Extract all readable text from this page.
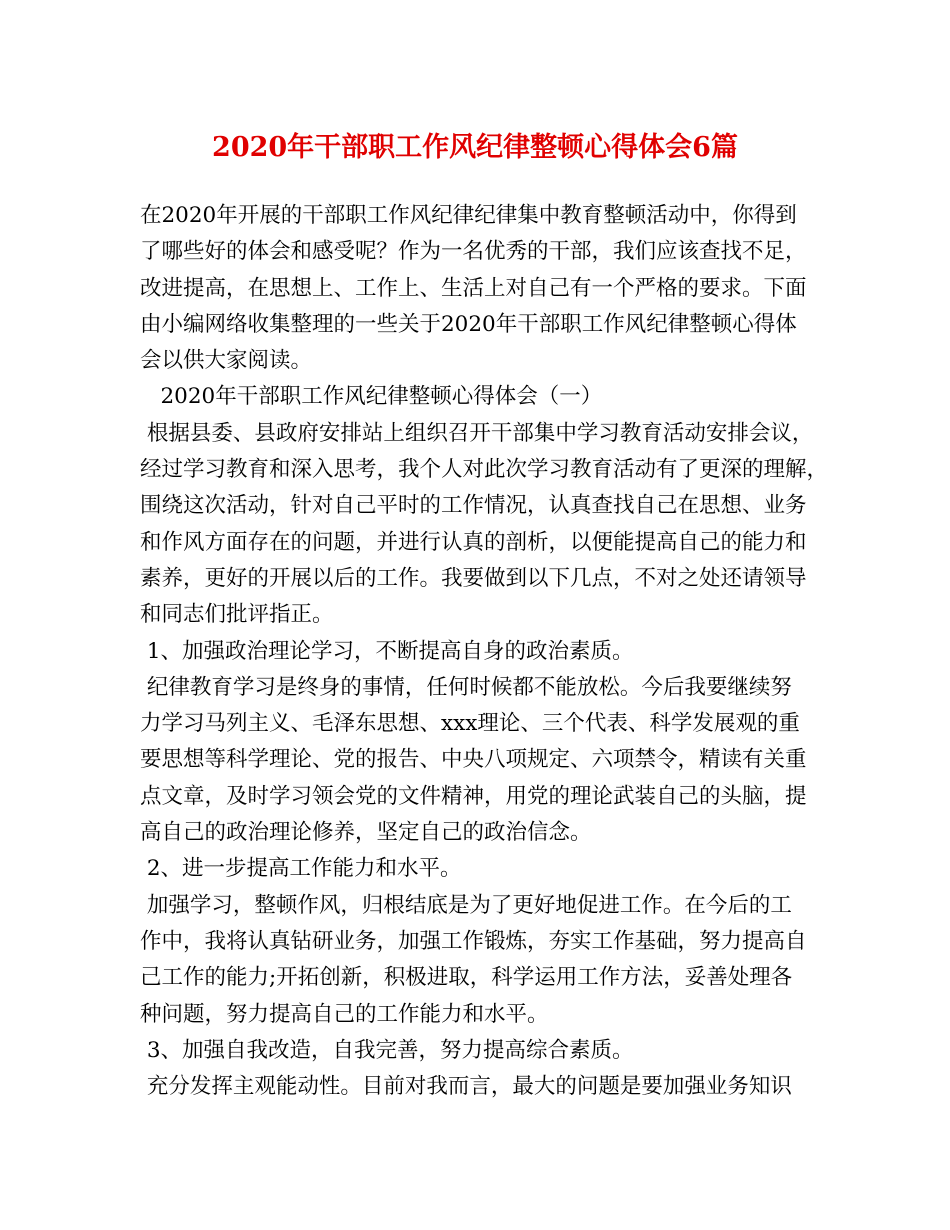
2020年干部职工作风纪律整顿心得体会6篇
在2020年开展的干部职工作风纪律纪律集中教育整顿活动中，你得到
了哪些好的体会和感受呢？作为一名优秀的干部，我们应该查找不足，
改进提高，在思想上、工作上、生活上对自己有一个严格的要求。下面
由小编网络收集整理的一些关于2020年干部职工作风纪律整顿心得体
会以供大家阅读。
2020年干部职工作风纪律整顿心得体会（一）
根据县委、县政府安排站上组织召开干部集中学习教育活动安排会议，
经过学习教育和深入思考，我个人对此次学习教育活动有了更深的理解，
围绕这次活动，针对自己平时的工作情况，认真查找自己在思想、业务
和作风方面存在的问题，并进行认真的剖析，以便能提高自己的能力和
素养，更好的开展以后的工作。我要做到以下几点，不对之处还请领导
和同志们批评指正。
1、加强政治理论学习，不断提高自身的政治素质。
纪律教育学习是终身的事情，任何时候都不能放松。今后我要继续努
力学习马列主义、毛泽东思想、xxx理论、三个代表、科学发展观的重
要思想等科学理论、党的报告、中央八项规定、六项禁令，精读有关重
点文章，及时学习领会党的文件精神，用党的理论武装自己的头脑，提
高自己的政治理论修养，坚定自己的政治信念。
2、进一步提高工作能力和水平。
加强学习，整顿作风，归根结底是为了更好地促进工作。在今后的工
作中，我将认真钻研业务，加强工作锻炼，夯实工作基础，努力提高自
己工作的能力;开拓创新，积极进取，科学运用工作方法，妥善处理各
种问题，努力提高自己的工作能力和水平。
3、加强自我改造，自我完善，努力提高综合素质。
充分发挥主观能动性。目前对我而言，最大的问题是要加强业务知识
